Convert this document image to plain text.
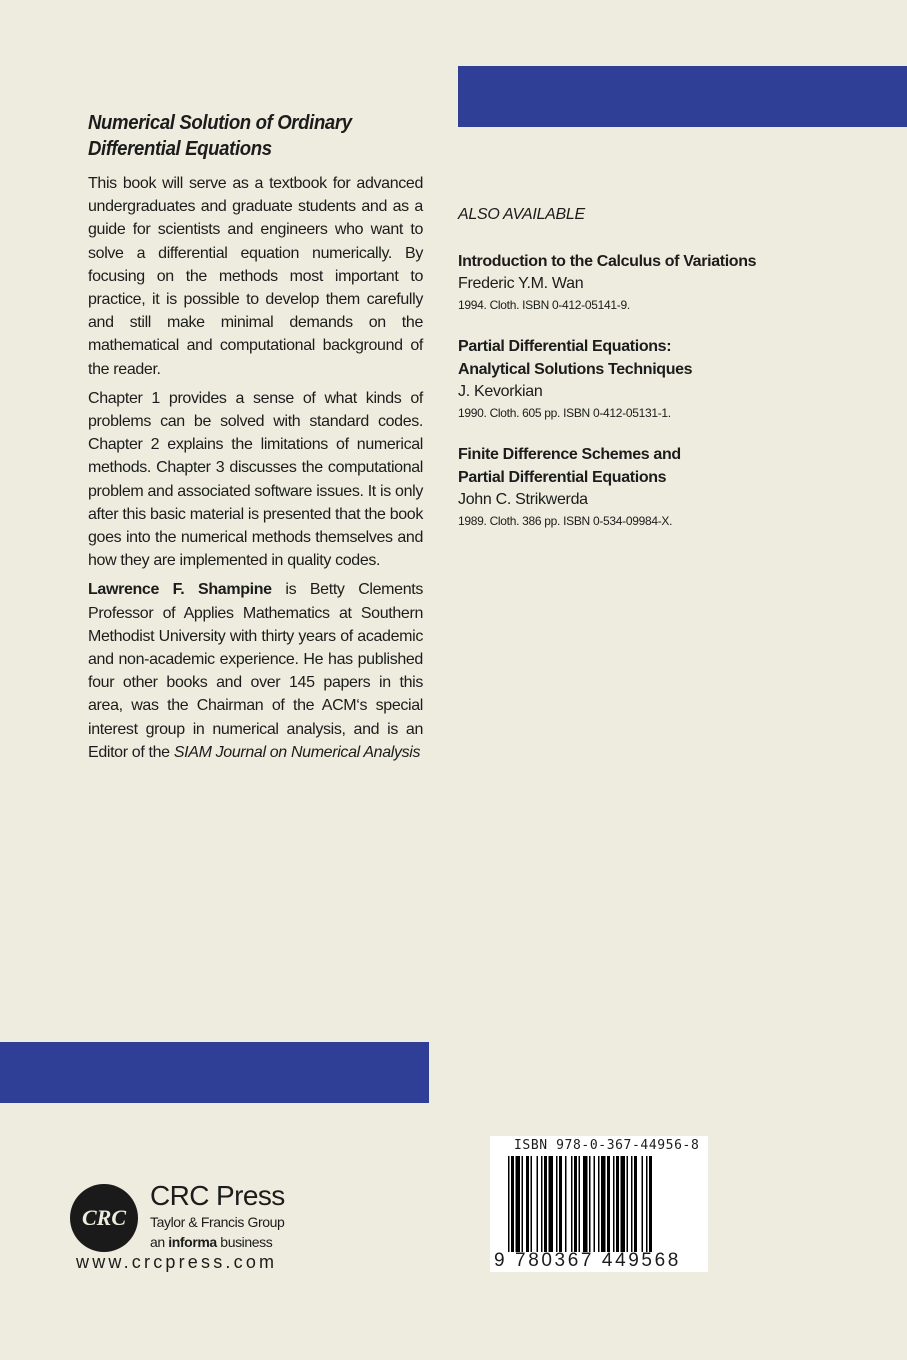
Numerical Solution of Ordinary
Differential Equations

This book will serve as a textbook for advanced undergraduates and graduate students and as a guide for scientists and engineers who want to solve a differential equation numerically. By focusing on the methods most important to practice, it is possible to develop them carefully and still make minimal demands on the mathematical and computational background of the reader.

Chapter 1 provides a sense of what kinds of problems can be solved with standard codes. Chapter 2 explains the limitations of numerical methods. Chapter 3 discusses the computational problem and associated software issues. It is only after this basic material is presented that the book goes into the numerical methods themselves and how they are implemented in quality codes.

Lawrence F. Shampine is Betty Clements Professor of Applies Mathematics at Southern Methodist University with thirty years of academic and non-academic experience. He has published four other books and over 145 papers in this area, was the Chairman of the ACM‘s special interest group in numerical analysis, and is an Editor of the SIAM Journal on Numerical Analysis

ALSO AVAILABLE
Introduction to the Calculus of Variations
Frederic Y.M. Wan
1994. Cloth. ISBN 0-412-05141-9.
Partial Differential Equations:
Analytical Solutions Techniques
J. Kevorkian
1990. Cloth. 605 pp. ISBN 0-412-05131-1.
Finite Difference Schemes and
Partial Differential Equations
John C. Strikwerda
1989. Cloth. 386 pp. ISBN 0-534-09984-X.
CRC
CRC Press
Taylor & Francis Group
an informa business
www.crcpress.com
ISBN 978-0-367-44956-8
9 780367 449568
